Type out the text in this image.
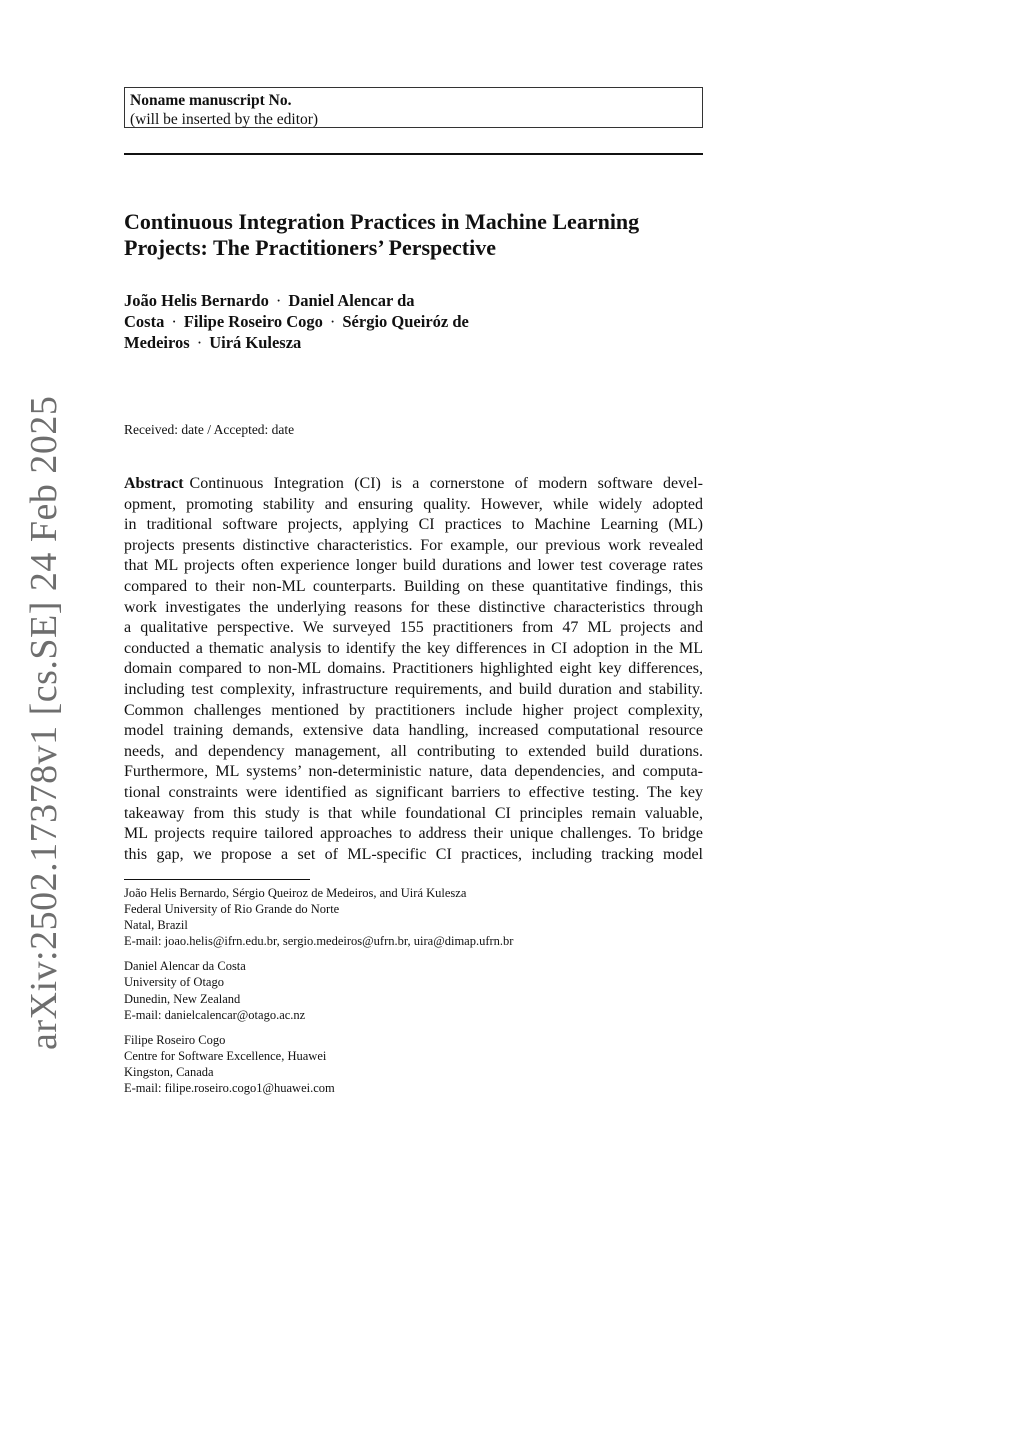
arXiv:2502.17378v1 [cs.SE] 24 Feb 2025
Noname manuscript No.
(will be inserted by the editor)
Continuous Integration Practices in Machine Learning
Projects: The Practitioners’ Perspective
João Helis Bernardo · Daniel Alencar da
Costa · Filipe Roseiro Cogo · Sérgio Queiróz de
Medeiros · Uirá Kulesza
Received: date / Accepted: date
Abstract Continuous Integration (CI) is a cornerstone of modern software devel-
opment, promoting stability and ensuring quality. However, while widely adopted
in traditional software projects, applying CI practices to Machine Learning (ML)
projects presents distinctive characteristics. For example, our previous work revealed
that ML projects often experience longer build durations and lower test coverage rates
compared to their non-ML counterparts. Building on these quantitative findings, this
work investigates the underlying reasons for these distinctive characteristics through
a qualitative perspective. We surveyed 155 practitioners from 47 ML projects and
conducted a thematic analysis to identify the key differences in CI adoption in the ML
domain compared to non-ML domains. Practitioners highlighted eight key differences,
including test complexity, infrastructure requirements, and build duration and stability.
Common challenges mentioned by practitioners include higher project complexity,
model training demands, extensive data handling, increased computational resource
needs, and dependency management, all contributing to extended build durations.
Furthermore, ML systems’ non-deterministic nature, data dependencies, and computa-
tional constraints were identified as significant barriers to effective testing. The key
takeaway from this study is that while foundational CI principles remain valuable,
ML projects require tailored approaches to address their unique challenges. To bridge
this gap, we propose a set of ML-specific CI practices, including tracking model
João Helis Bernardo, Sérgio Queiroz de Medeiros, and Uirá Kulesza
Federal University of Rio Grande do Norte
Natal, Brazil
E-mail: joao.helis@ifrn.edu.br, sergio.medeiros@ufrn.br, uira@dimap.ufrn.br
Daniel Alencar da Costa
University of Otago
Dunedin, New Zealand
E-mail: danielcalencar@otago.ac.nz
Filipe Roseiro Cogo
Centre for Software Excellence, Huawei
Kingston, Canada
E-mail: filipe.roseiro.cogo1@huawei.com
